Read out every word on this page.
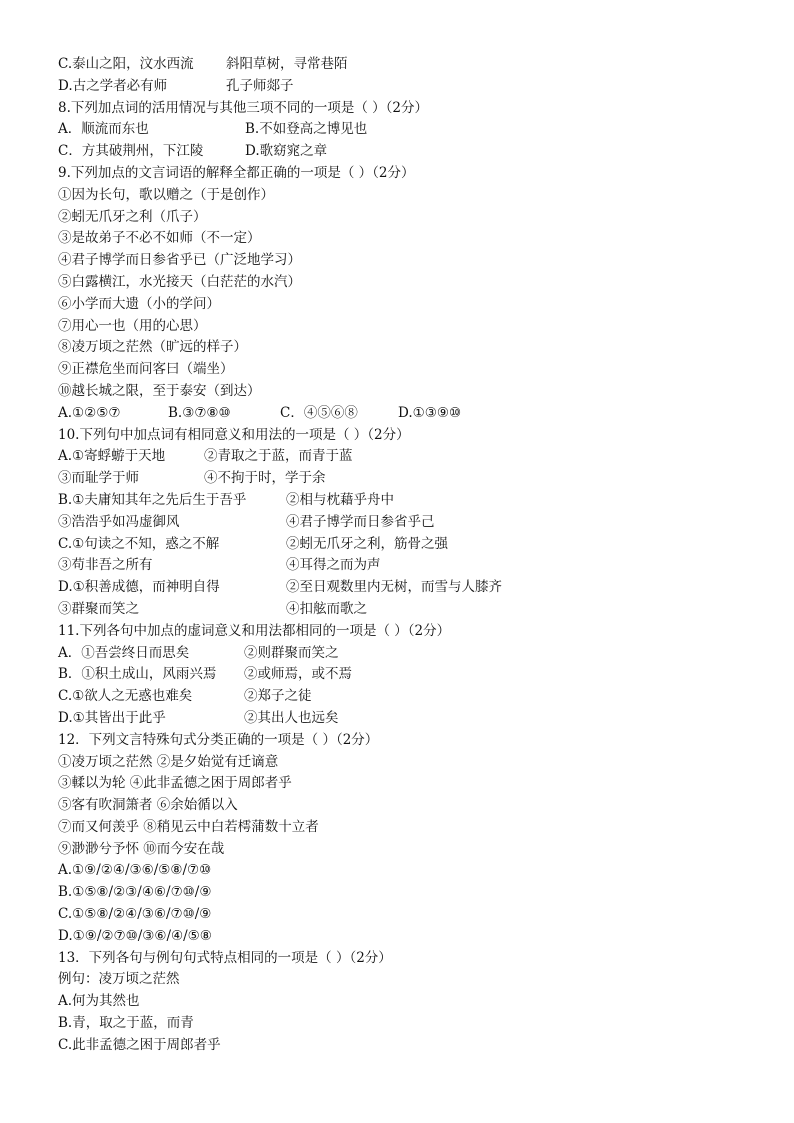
C.泰山之阳，汶水西流 斜阳草树，寻常巷陌
D.古之学者必有师	孔子师郯子
8.下列加点词的活用情况与其他三项不同的一项是（ ）（2分）
A．顺流而东也	B.不如登高之博见也
C．方其破荆州，下江陵	D.歌窈窕之章
9.下列加点的文言词语的解释全都正确的一项是（ ）（2分）
①因为长句，歌以赠之（于是创作）
②蚓无爪牙之利（爪子）
③是故弟子不必不如师（不一定）
④君子博学而日参省乎已（广泛地学习）
⑤白露横江，水光接天（白茫茫的水汽）
⑥小学而大遗（小的学问）
⑦用心一也（用的心思）
⑧凌万顷之茫然（旷远的样子）
⑨正襟危坐而问客曰（端坐）
⑩越长城之限，至于泰安（到达）
A.①②⑤⑦	B.③⑦⑧⑩	C．④⑤⑥⑧	D.①③⑨⑩
10.下列句中加点词有相同意义和用法的一项是（ ）（2分）
A.①寄蜉蝣于天地	②青取之于蓝，而青于蓝
③而耻学于师	④不拘于时，学于余
B.①夫庸知其年之先后生于吾乎	②相与枕藉乎舟中
③浩浩乎如冯虚御风	④君子博学而日参省乎己
C.①句读之不知，惑之不解	②蚓无爪牙之利，筋骨之强
③苟非吾之所有	④耳得之而为声
D.①积善成德，而神明自得	②至日观数里内无树，而雪与人膝齐
③群聚而笑之	④扣舷而歌之
11.下列各句中加点的虚词意义和用法都相同的一项是（ ）（2分）
A．①吾尝终日而思矣	②则群聚而笑之
B．①积土成山，风雨兴焉 ②或师焉，或不焉
C.①欲人之无惑也难矣	②郑子之徒
D.①其皆出于此乎	②其出人也远矣
12．下列文言特殊句式分类正确的一项是（ ）（2分）
①凌万顷之茫然 ②是夕始觉有迁谪意
③輮以为轮 ④此非孟德之困于周郎者乎
⑤客有吹洞箫者 ⑥余始循以入
⑦而又何羡乎 ⑧稍见云中白若樗蒲数十立者
⑨渺渺兮予怀 ⑩而今安在哉
A.①⑨/②④/③⑥/⑤⑧/⑦⑩
B.①⑤⑧/②③/④⑥/⑦⑩/⑨
C.①⑤⑧/②④/③⑥/⑦⑩/⑨
D.①⑨/②⑦⑩/③⑥/④/⑤⑧
13．下列各句与例句句式特点相同的一项是（ ）（2分）
例句：凌万顷之茫然
A.何为其然也
B.青，取之于蓝，而青
C.此非孟德之困于周郎者乎
